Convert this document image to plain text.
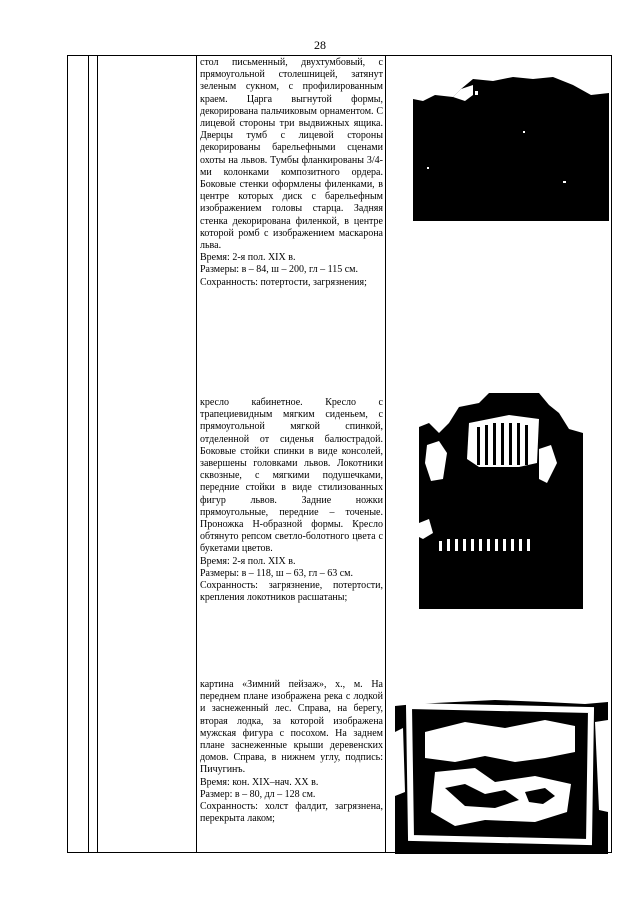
28

стол письменный, двухтумбовый, с прямоугольной столешницей, затянут зеленым сукном, с профилированным краем. Царга выгнутой формы, декорирована пальчиковым орнаментом. С лицевой стороны три выдвижных ящика. Дверцы тумб с лицевой стороны декорированы барельефными сценами охоты на львов. Тумбы фланкированы 3/4-ми колонками композитного ордера. Боковые стенки оформлены филенками, в центре которых диск с барельефным изображением головы старца. Задняя стенка декорирована филенкой, в центре которой ромб с изображением маскарона льва.

Время: 2-я пол. XIX в.

Размеры: в – 84, ш – 200, гл – 115 см.

Сохранность: потертости, загрязнения;

кресло кабинетное. Кресло с трапециевидным мягким сиденьем, с прямоугольной мягкой спинкой, отделенной от сиденья балюстрадой. Боковые стойки спинки в виде консолей, завершены головками львов. Локотники сквозные, с мягкими подушечками, передние стойки в виде стилизованных фигур львов. Задние ножки прямоугольные, передние – точеные. Проножка Н-образной формы. Кресло обтянуто репсом светло-болотного цвета с букетами цветов.

Время: 2-я пол. XIX в.

Размеры: в – 118, ш – 63, гл – 63 см.

Сохранность: загрязнение, потертости, крепления локотников расшатаны;

картина «Зимний пейзаж», х., м. На переднем плане изображена река с лодкой и заснеженный лес. Справа, на берегу, вторая лодка, за которой изображена мужская фигура с посохом. На заднем плане заснеженные крыши деревенских домов. Справа, в нижнем углу, подпись: Пичугинъ.

Время: кон. XIX–нач. XX в.

Размер: в – 80, дл – 128 см.

Сохранность: холст фалдит, загрязнена, перекрыта лаком;
